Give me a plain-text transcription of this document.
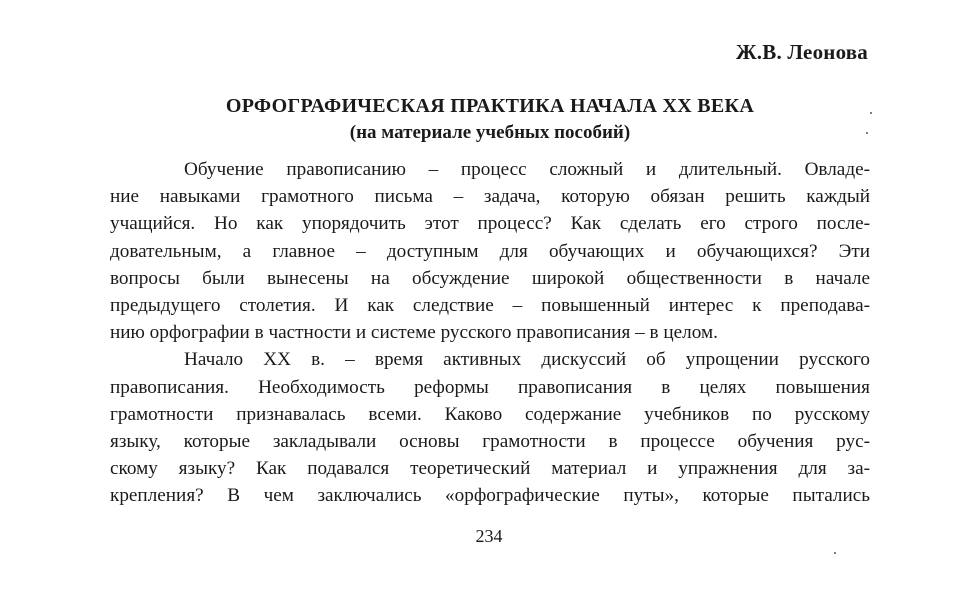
Ж.В. Леонова
ОРФОГРАФИЧЕСКАЯ ПРАКТИКА НАЧАЛА XX ВЕКА
(на материале учебных пособий)
Обучение правописанию – процесс сложный и длительный. Овладе-
ние навыками грамотного письма – задача, которую обязан решить каждый
учащийся. Но как упорядочить этот процесс? Как сделать его строго после-
довательным, а главное – доступным для обучающих и обучающихся? Эти
вопросы были вынесены на обсуждение широкой общественности в начале
предыдущего столетия. И как следствие – повышенный интерес к преподава-
нию орфографии в частности и системе русского правописания – в целом.
Начало XX в. – время активных дискуссий об упрощении русского
правописания. Необходимость реформы правописания в целях повышения
грамотности признавалась всеми. Каково содержание учебников по русскому
языку, которые закладывали основы грамотности в процессе обучения рус-
скому языку? Как подавался теоретический материал и упражнения для за-
крепления? В чем заключались «орфографические путы», которые пытались
234
